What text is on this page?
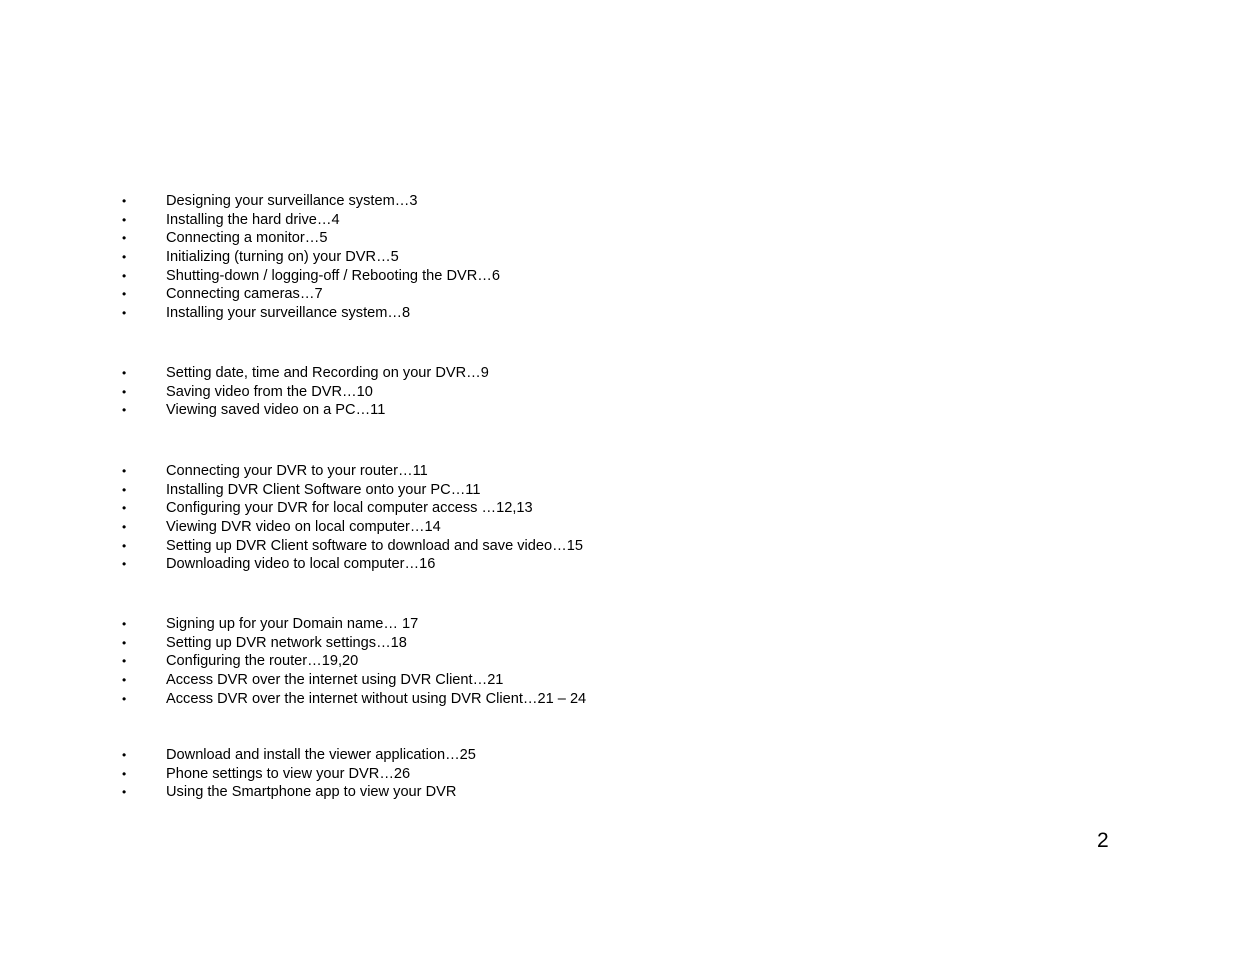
•	Designing your surveillance system…3
•	Installing the hard drive…4
•	Connecting a monitor…5
•	Initializing (turning on) your DVR…5
•	Shutting-down / logging-off / Rebooting the DVR…6
•	Connecting cameras…7
•	Installing your surveillance system…8
•	Setting date, time and Recording on your DVR…9
•	Saving video from the DVR…10
•	Viewing saved video on a PC…11
•	Connecting your DVR to your router…11
•	Installing DVR Client Software onto your PC…11
•	Configuring your DVR for local computer access …12,13
•	Viewing DVR video on local computer…14
•	Setting up DVR Client software to download and save video…15
•	Downloading video to local computer…16
•	Signing up for your Domain name… 17
•	Setting up DVR network settings…18
•	Configuring the router…19,20
•	Access DVR over the internet using DVR Client…21
•	Access DVR over the internet without using DVR Client…21 – 24
•	Download and install the viewer application…25
•	Phone settings to view your DVR…26
•	Using the Smartphone app to view your DVR
2
